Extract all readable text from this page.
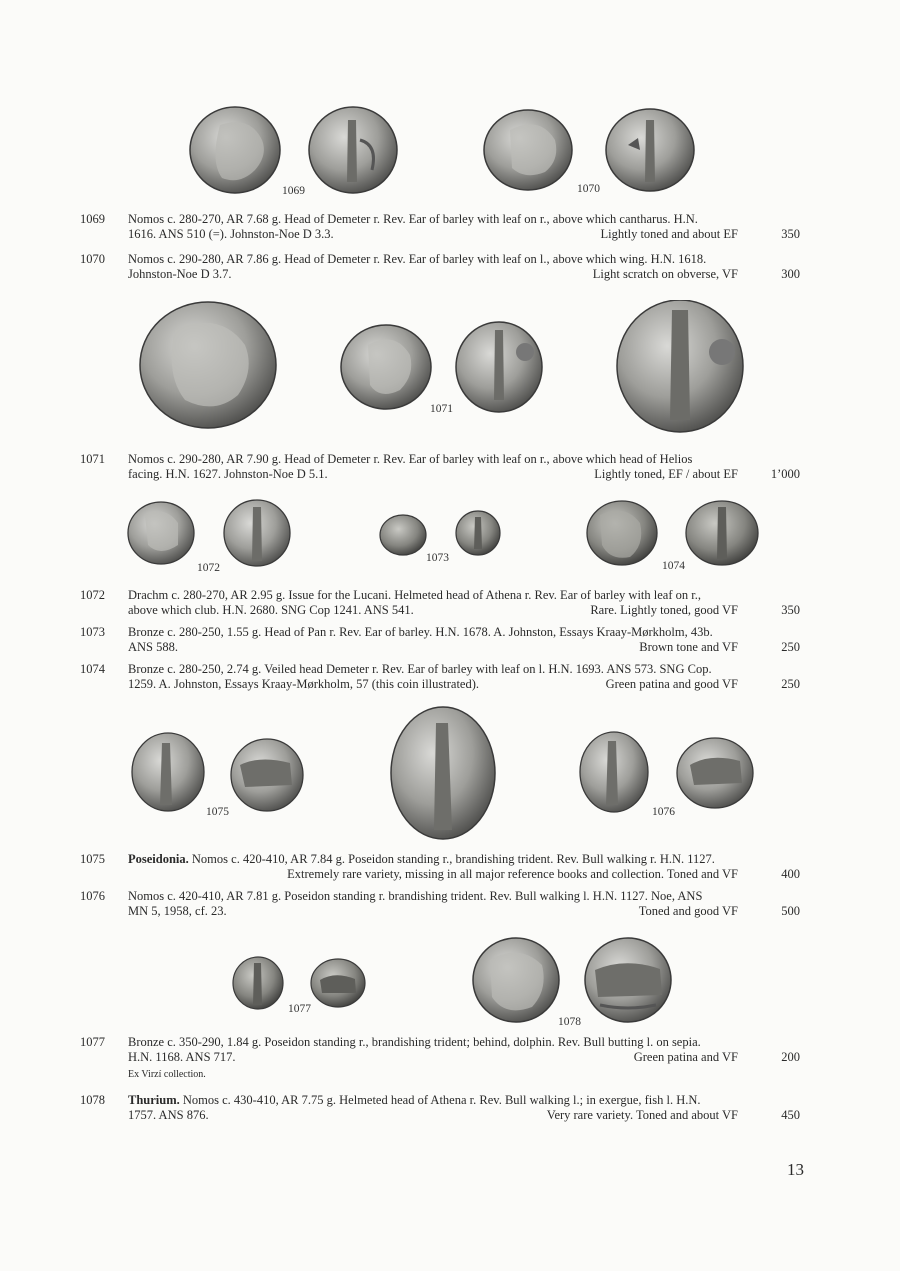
1069	1070
1069	Nomos c. 280-270, AR 7.68 g. Head of Demeter r. Rev. Ear of barley with leaf on r., above which cantharus. H.N.
1616. ANS 510 (=). Johnston-Noe D 3.3.	Lightly toned and about EF	350
1070	Nomos c. 290-280, AR 7.86 g. Head of Demeter r. Rev. Ear of barley with leaf on l., above which wing. H.N. 1618.
Johnston-Noe D 3.7.	Light scratch on obverse, VF	300
1071
1071	Nomos c. 290-280, AR 7.90 g. Head of Demeter r. Rev. Ear of barley with leaf on r., above which head of Helios
facing. H.N. 1627. Johnston-Noe D 5.1.	Lightly toned, EF / about EF	1’000
1072
1073
1074
1072	Drachm c. 280-270, AR 2.95 g. Issue for the Lucani. Helmeted head of Athena r. Rev. Ear of barley with leaf on r.,
above which club. H.N. 2680. SNG Cop 1241. ANS 541.	Rare. Lightly toned, good VF	350
1073	Bronze c. 280-250, 1.55 g. Head of Pan r. Rev. Ear of barley. H.N. 1678. A. Johnston, Essays Kraay-Mørkholm, 43b.
ANS 588.	Brown tone and VF	250
1074	Bronze c. 280-250, 2.74 g. Veiled head Demeter r. Rev. Ear of barley with leaf on l. H.N. 1693. ANS 573. SNG Cop.
1259. A. Johnston, Essays Kraay-Mørkholm, 57 (this coin illustrated).	Green patina and good VF	250
1075	1076
1075	Poseidonia.
Nomos c. 420-410, AR 7.84 g. Poseidon standing r., brandishing trident. Rev. Bull walking r. H.N. 1127.
Extremely rare variety, missing in all major reference books and collection. Toned and VF	400
1076	Nomos c. 420-410, AR 7.81 g. Poseidon standing r. brandishing trident. Rev. Bull walking l. H.N. 1127. Noe, ANS
MN 5, 1958, cf. 23.	Toned and good VF	500
1077
1078
1077	Bronze c. 350-290, 1.84 g. Poseidon standing r., brandishing trident; behind, dolphin. Rev. Bull butting l. on sepia.
H.N. 1168. ANS 717.	Green patina and VF	200
Ex Virzí collection.
1078	Thurium.
Nomos c. 430-410, AR 7.75 g. Helmeted head of Athena r. Rev. Bull walking l.; in exergue, fish l. H.N.
1757. ANS 876.	Very rare variety. Toned and about VF	450
13
